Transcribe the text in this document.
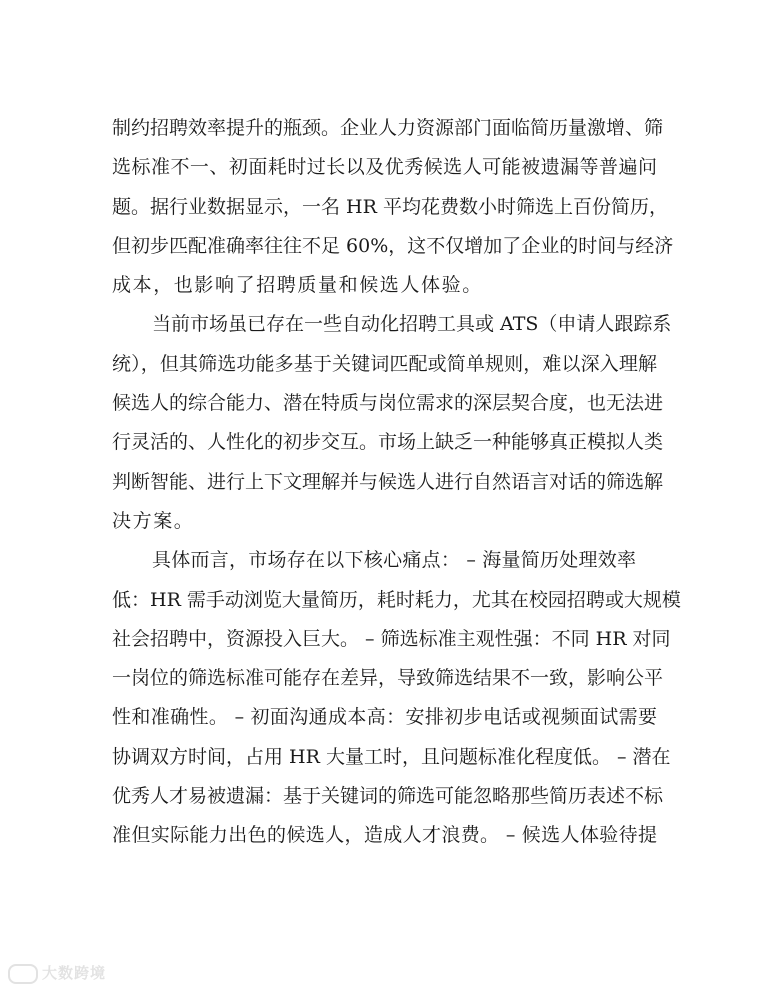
制约招聘效率提升的瓶颈。企业人力资源部门面临简历量激增、筛
选标准不一、初面耗时过长以及优秀候选人可能被遗漏等普遍问
题。据行业数据显示，一名 HR 平均花费数小时筛选上百份简历，
但初步匹配准确率往往不足 60%，这不仅增加了企业的时间与经济
成本，也影响了招聘质量和候选人体验。
当前市场虽已存在一些自动化招聘工具或 ATS（申请人跟踪系
统），但其筛选功能多基于关键词匹配或简单规则，难以深入理解
候选人的综合能力、潜在特质与岗位需求的深层契合度，也无法进
行灵活的、人性化的初步交互。市场上缺乏一种能够真正模拟人类
判断智能、进行上下文理解并与候选人进行自然语言对话的筛选解
决方案。
具体而言，市场存在以下核心痛点： – 海量简历处理效率
低：HR 需手动浏览大量简历，耗时耗力，尤其在校园招聘或大规模
社会招聘中，资源投入巨大。 – 筛选标准主观性强：不同 HR 对同
一岗位的筛选标准可能存在差异，导致筛选结果不一致，影响公平
性和准确性。 – 初面沟通成本高：安排初步电话或视频面试需要
协调双方时间，占用 HR 大量工时，且问题标准化程度低。 – 潜在
优秀人才易被遗漏：基于关键词的筛选可能忽略那些简历表述不标
准但实际能力出色的候选人，造成人才浪费。 – 候选人体验待提
大数跨境
